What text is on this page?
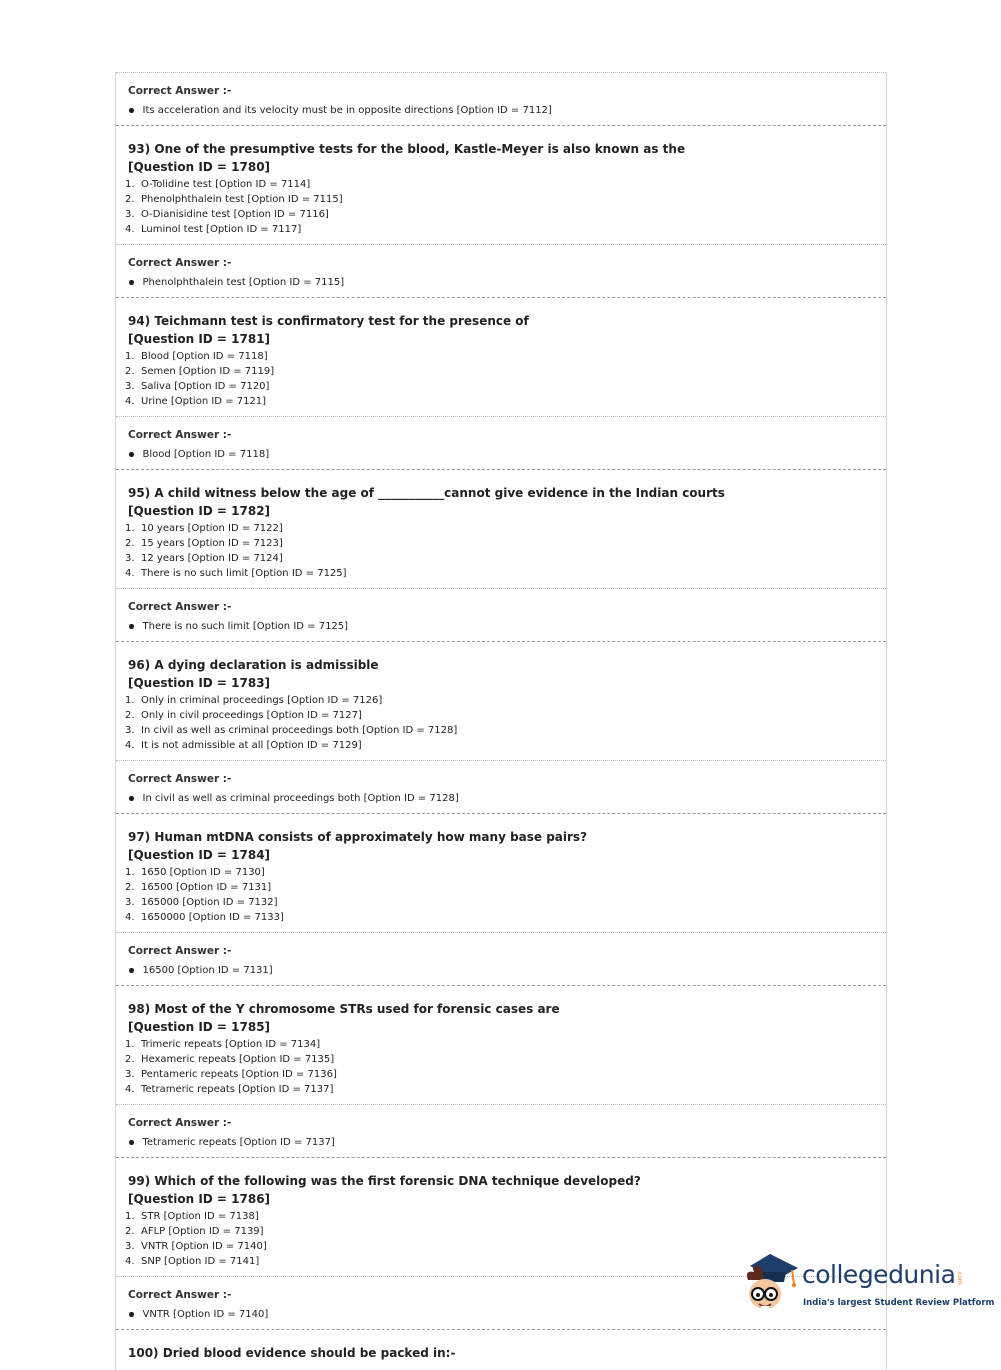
Correct Answer :-
Its acceleration and its velocity must be in opposite directions [Option ID = 7112]
93) One of the presumptive tests for the blood, Kastle-Meyer is also known as the
[Question ID = 1780]
1. O-Tolidine test [Option ID = 7114]
2. Phenolphthalein test [Option ID = 7115]
3. O-Dianisidine test [Option ID = 7116]
4. Luminol test [Option ID = 7117]
Correct Answer :-
Phenolphthalein test [Option ID = 7115]
94) Teichmann test is confirmatory test for the presence of
[Question ID = 1781]
1. Blood [Option ID = 7118]
2. Semen [Option ID = 7119]
3. Saliva [Option ID = 7120]
4. Urine [Option ID = 7121]
Correct Answer :-
Blood [Option ID = 7118]
95) A child witness below the age of ___________cannot give evidence in the Indian courts
[Question ID = 1782]
1. 10 years [Option ID = 7122]
2. 15 years [Option ID = 7123]
3. 12 years [Option ID = 7124]
4. There is no such limit [Option ID = 7125]
Correct Answer :-
There is no such limit [Option ID = 7125]
96) A dying declaration is admissible
[Question ID = 1783]
1. Only in criminal proceedings [Option ID = 7126]
2. Only in civil proceedings [Option ID = 7127]
3. In civil as well as criminal proceedings both [Option ID = 7128]
4. It is not admissible at all [Option ID = 7129]
Correct Answer :-
In civil as well as criminal proceedings both [Option ID = 7128]
97) Human mtDNA consists of approximately how many base pairs?
[Question ID = 1784]
1. 1650 [Option ID = 7130]
2. 16500 [Option ID = 7131]
3. 165000 [Option ID = 7132]
4. 1650000 [Option ID = 7133]
Correct Answer :-
16500 [Option ID = 7131]
98) Most of the Y chromosome STRs used for forensic cases are
[Question ID = 1785]
1. Trimeric repeats [Option ID = 7134]
2. Hexameric repeats [Option ID = 7135]
3. Pentameric repeats [Option ID = 7136]
4. Tetrameric repeats [Option ID = 7137]
Correct Answer :-
Tetrameric repeats [Option ID = 7137]
99) Which of the following was the first forensic DNA technique developed?
[Question ID = 1786]
1. STR [Option ID = 7138]
2. AFLP [Option ID = 7139]
3. VNTR [Option ID = 7140]
4. SNP [Option ID = 7141]
Correct Answer :-
VNTR [Option ID = 7140]
100) Dried blood evidence should be packed in:-
collegedunia .com
India's largest Student Review Platform
